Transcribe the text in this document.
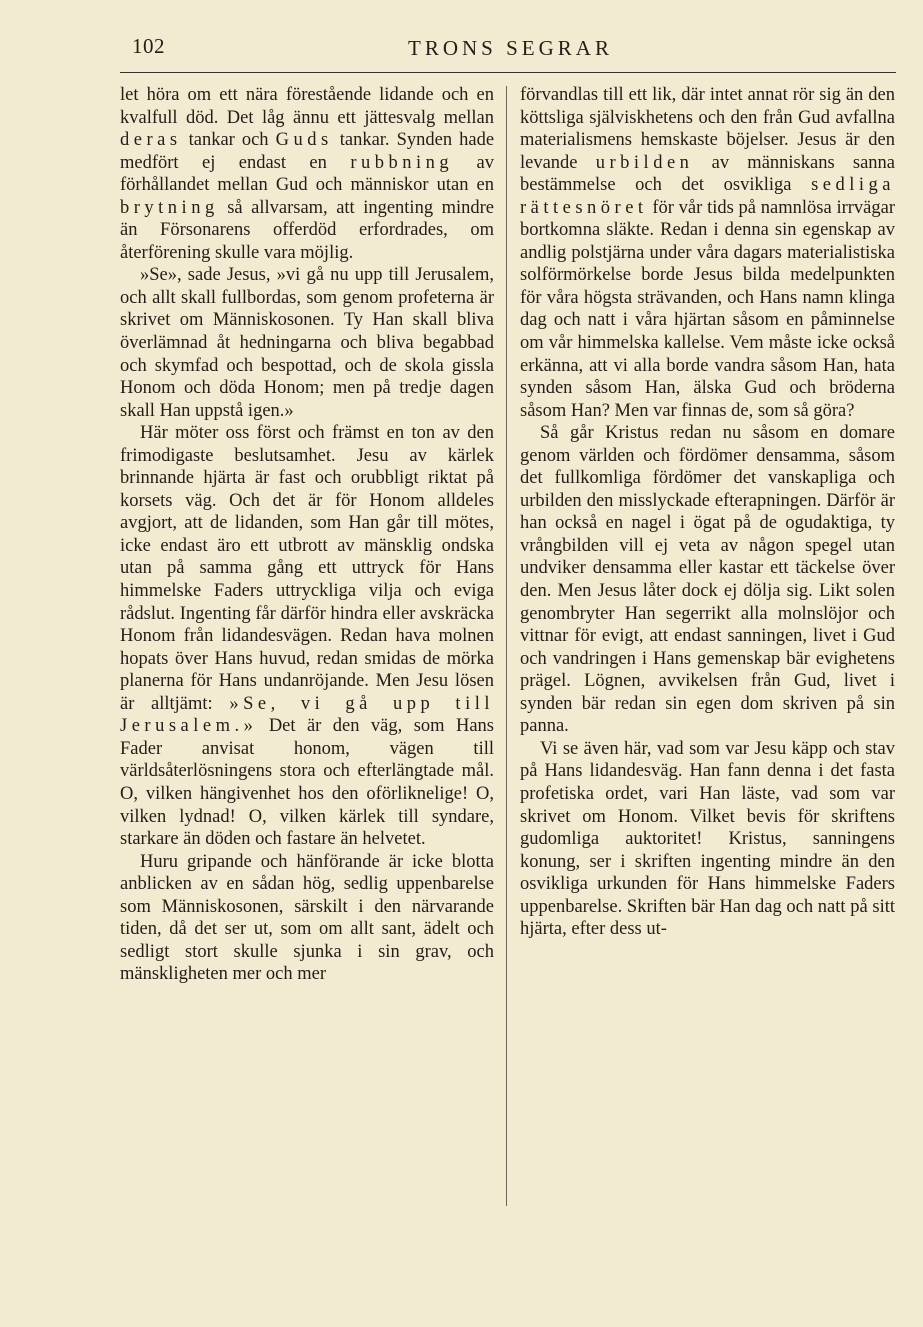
102	TRONS SEGRAR

let höra om ett nära förestående lidande och en kvalfull död. Det låg ännu ett jättesvalg mellan deras tankar och Guds tankar. Synden hade medfört ej endast en rubbning av förhållandet mellan Gud och människor utan en brytning så allvarsam, att ingenting mindre än Försonarens offerdöd erfordrades, om återförening skulle vara möjlig.

»Se», sade Jesus, »vi gå nu upp till Jerusalem, och allt skall fullbordas, som genom profeterna är skrivet om Människosonen. Ty Han skall bliva överlämnad åt hedningarna och bliva begabbad och skymfad och bespottad, och de skola gissla Honom och döda Honom; men på tredje dagen skall Han uppstå igen.»

Här möter oss först och främst en ton av den frimodigaste beslutsamhet. Jesu av kärlek brinnande hjärta är fast och orubbligt riktat på korsets väg. Och det är för Honom alldeles avgjort, att de lidanden, som Han går till mötes, icke endast äro ett utbrott av mänsklig ondska utan på samma gång ett uttryck för Hans himmelske Faders uttryckliga vilja och eviga rådslut. Ingenting får därför hindra eller avskräcka Honom från lidandesvägen. Redan hava molnen hopats över Hans huvud, redan smidas de mörka planerna för Hans undanröjande. Men Jesu lösen är alltjämt: »Se, vi gå upp till Jerusalem.» Det är den väg, som Hans Fader anvisat honom, vägen till världsåterlösningens stora och efterlängtade mål. O, vilken hängivenhet hos den oförliknelige! O, vilken lydnad! O, vilken kärlek till syndare, starkare än döden och fastare än helvetet.

Huru gripande och hänförande är icke blotta anblicken av en sådan hög, sedlig uppenbarelse som Människosonen, särskilt i den närvarande tiden, då det ser ut, som om allt sant, ädelt och sedligt stort skulle sjunka i sin grav, och mänskligheten mer och mer

förvandlas till ett lik, där intet annat rör sig än den köttsliga själviskhetens och den från Gud avfallna materialismens hemskaste böjelser. Jesus är den levande urbilden av människans sanna bestämmelse och det osvikliga sedliga rättesnöret för vår tids på namnlösa irrvägar bortkomna släkte. Redan i denna sin egenskap av andlig polstjärna under våra dagars materialistiska solförmörkelse borde Jesus bilda medelpunkten för våra högsta strävanden, och Hans namn klinga dag och natt i våra hjärtan såsom en påminnelse om vår himmelska kallelse. Vem måste icke också erkänna, att vi alla borde vandra såsom Han, hata synden såsom Han, älska Gud och bröderna såsom Han? Men var finnas de, som så göra?

Så går Kristus redan nu såsom en domare genom världen och fördömer densamma, såsom det fullkomliga fördömer det vanskapliga och urbilden den misslyckade efterapningen. Därför är han också en nagel i ögat på de ogudaktiga, ty vrångbilden vill ej veta av någon spegel utan undviker densamma eller kastar ett täckelse över den. Men Jesus låter dock ej dölja sig. Likt solen genombryter Han segerrikt alla molnslöjor och vittnar för evigt, att endast sanningen, livet i Gud och vandringen i Hans gemenskap bär evighetens prägel. Lögnen, avvikelsen från Gud, livet i synden bär redan sin egen dom skriven på sin panna.

Vi se även här, vad som var Jesu käpp och stav på Hans lidandesväg. Han fann denna i det fasta profetiska ordet, vari Han läste, vad som var skrivet om Honom. Vilket bevis för skriftens gudomliga auktoritet! Kristus, sanningens konung, ser i skriften ingenting mindre än den osvikliga urkunden för Hans himmelske Faders uppenbarelse. Skriften bär Han dag och natt på sitt hjärta, efter dess ut-
